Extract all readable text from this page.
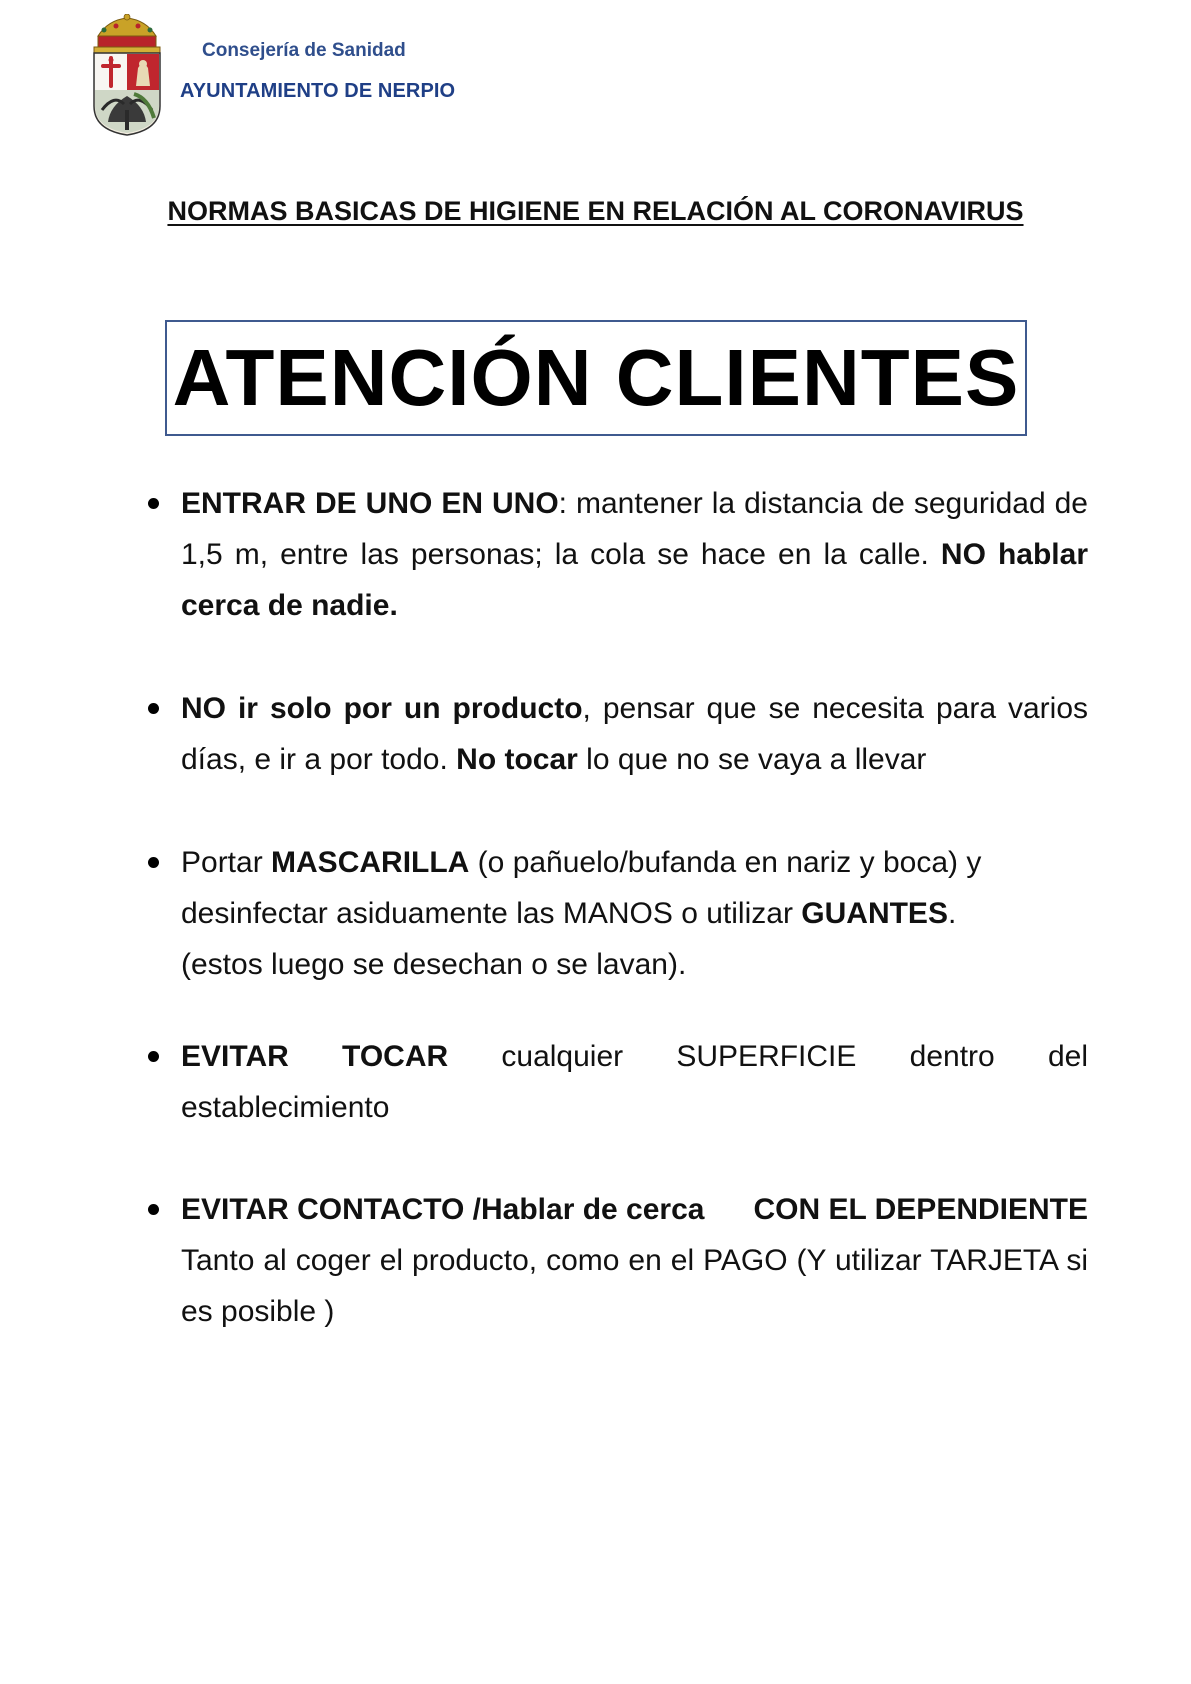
Consejería de Sanidad
AYUNTAMIENTO DE NERPIO
NORMAS BASICAS DE HIGIENE EN RELACIÓN AL CORONAVIRUS
ATENCIÓN CLIENTES
ENTRAR DE UNO EN UNO: mantener la distancia de seguridad de 1,5 m, entre las personas; la cola se hace en la calle. NO hablar cerca de nadie.
NO ir solo por un producto, pensar que se necesita para varios días, e ir a por todo. No tocar lo que no se vaya a llevar
Portar MASCARILLA (o pañuelo/bufanda en nariz y boca) y
desinfectar asiduamente las MANOS o utilizar GUANTES.
(estos luego se desechan o se lavan).
EVITAR TOCAR cualquier SUPERFICIE dentro del
establecimiento
EVITAR CONTACTO /Hablar de cerca CON EL DEPENDIENTE
Tanto al coger el producto, como en el PAGO (Y utilizar TARJETA si es posible )
